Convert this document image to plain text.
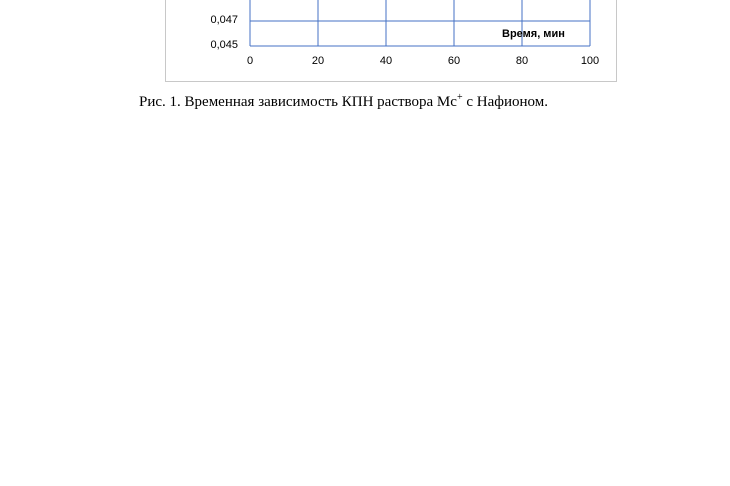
0,047
0,045
0	20	40	60	80	100
Время, мин
Рис. 1. Временная зависимость КПН раствора Mc+ с Нафионом.
